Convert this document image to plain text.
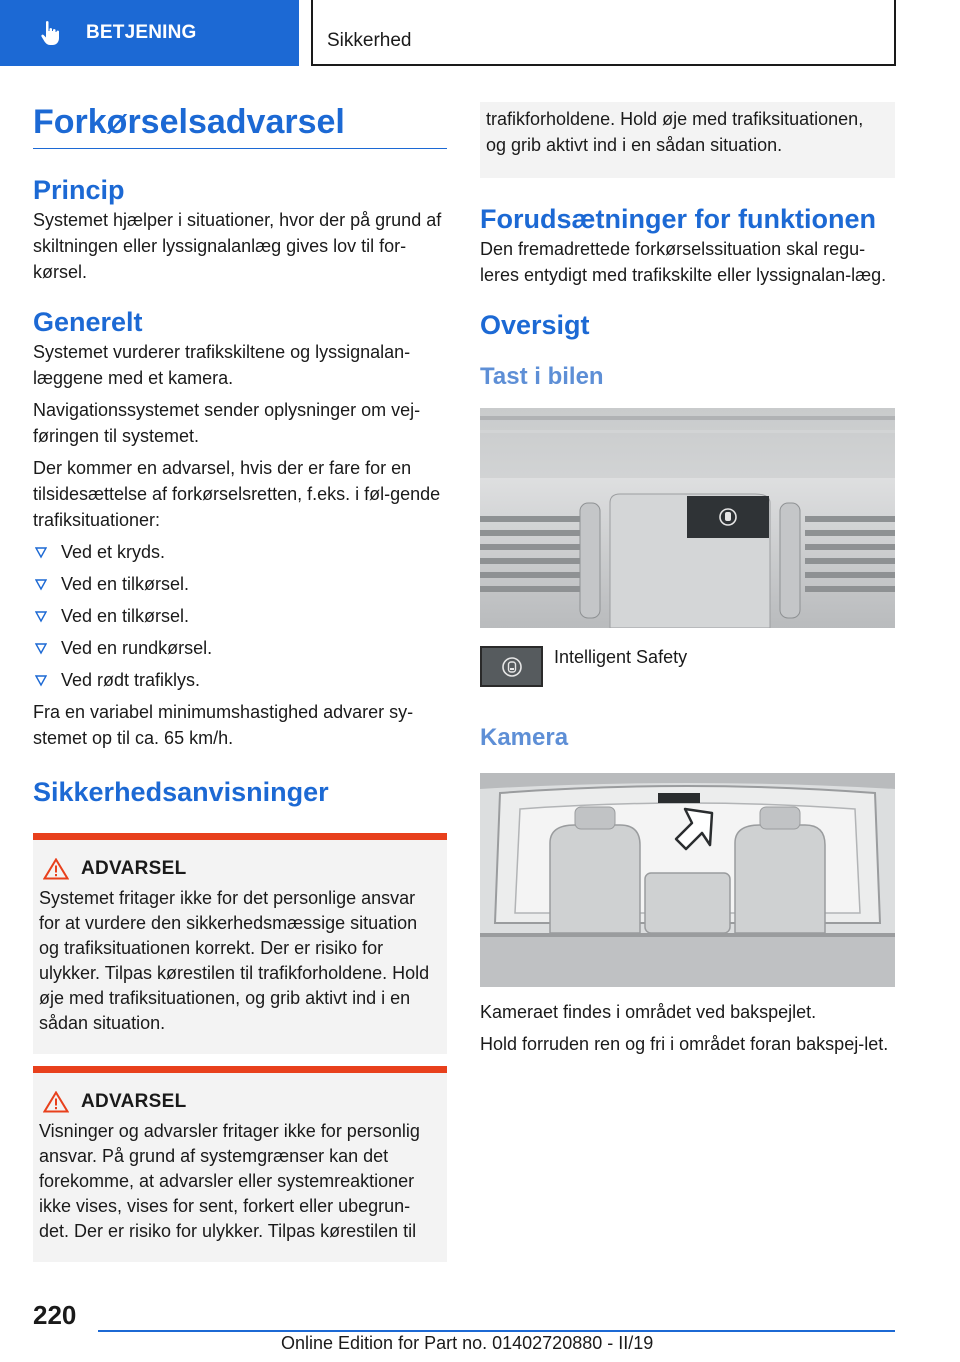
BETJENING	Sikkerhed
Forkørselsadvarsel
Princip

Systemet hjælper i situationer, hvor der på grund af skiltningen eller lyssignalanlæg gives lov til for-kørsel.

Generelt

Systemet vurderer trafikskiltene og lyssignalan-læggene med et kamera.

Navigationssystemet sender oplysninger om vej-føringen til systemet.

Der kommer en advarsel, hvis der er fare for en tilsidesættelse af forkørselsretten, f.eks. i føl-gende trafiksituationer:

Ved et kryds.
Ved en tilkørsel.
Ved en tilkørsel.
Ved en rundkørsel.
Ved rødt trafiklys.

Fra en variabel minimumshastighed advarer sy-stemet op til ca. 65 km/h.

Sikkerhedsanvisninger
ADVARSEL

Systemet fritager ikke for det personlige ansvar for at vurdere den sikkerhedsmæssige situation og trafiksituationen korrekt. Der er risiko for ulykker. Tilpas kørestilen til trafikforholdene. Hold øje med trafiksituationen, og grib aktivt ind i en sådan situation.

ADVARSEL

Visninger og advarsler fritager ikke for personlig ansvar. På grund af systemgrænser kan det forekomme, at advarsler eller systemreaktioner ikke vises, vises for sent, forkert eller ubegrun-det. Der er risiko for ulykker. Tilpas kørestilen til

trafikforholdene. Hold øje med trafiksituationen, og grib aktivt ind i en sådan situation.

Forudsætninger for funktionen

Den fremadrettede forkørselssituation skal regu-leres entydigt med trafikskilte eller lyssignalan-læg.

Oversigt
Tast i bilen
Intelligent Safety
Kamera

Kameraet findes i området ved bakspejlet.

Hold forruden ren og fri i området foran bakspej-let.

220
Online Edition for Part no. 01402720880 - II/19
